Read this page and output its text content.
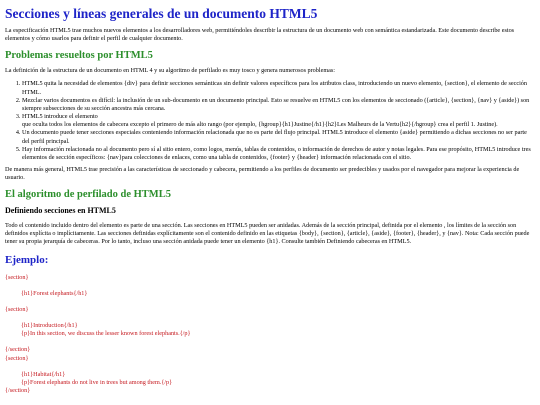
Secciones y líneas generales de un documento HTML5

La especificación HTML5 trae muchos nuevos elementos a los desarrolladores web, permitiéndoles describir la estructura de un documento web con semántica estandarizada. Este documento describe estos elementos y cómo usarlos para definir el perfil de cualquier documento.

Problemas resueltos por HTML5

La definición de la estructura de un documento en HTML 4 y su algoritmo de perfilado es muy tosco y genera numerosos problemas:

1. HTML5 quita la necesidad de elementos {div} para definir secciones semánticas sin definir valores específicos para los atributos class, introduciendo un nuevo elemento, {section}, el elemento de sección HTML.
2. Mezclar varios documentos es difícil: la inclusión de un sub-documento en un documento principal. Esto se resuelve en HTML5 con los elementos de seccionado ({article}, {section}, {nav} y {aside}) son siempre subsecciones de su sección ancestra más cercana.
3. HTML5 introduce el elemento
que oculta todos los elementos de cabecera excepto el primero de más alto rango (por ejemplo, {hgroup}{h1}Justine{/h1}{h2}Les Malheurs de la Vertu{h2}{/hgroup} crea el perfil 1. Justine).
4. Un documento puede tener secciones especiales conteniendo información relacionada que no es parte del flujo principal. HTML5 introduce el elemento {aside} permitiendo a dichas secciones no ser parte del perfil principal.
5. Hay información relacionada no al documento pero sí al sitio entero, como logos, menús, tablas de contenidos, o información de derechos de autor y notas legales. Para ese propósito, HTML5 introduce tres elementos de sección específicos: {nav}para colecciones de enlaces, como una tabla de contenidos, {footer} y {header} información relacionada con el sitio.

De manera más general, HTML5 trae precisión a las características de seccionado y cabecera, permitiendo a los perfiles de documento ser predecibles y usados por el navegador para mejorar la experiencia de usuario.

El algoritmo de perfilado de HTML5
Definiendo secciones en HTML5

Todo el contenido incluido dentro del elemento es parte de una sección. Las secciones en HTML5 pueden ser anidadas. Además de la sección principal, definida por el elemento , los límites de la sección son definidos explícita o implícitamente. Las secciones definidas explícitamente son el contenido definido en las etiquetas {body}, {section}, {article}, {aside}, {footer}, {header}, y {nav}. Nota: Cada sección puede tener su propia jerarquía de cabeceras. Por lo tanto, incluso una sección anidada puede tener un elemento {h1}. Consulte también Definiendo cabeceras en HTML5.

Ejemplo:
{section}
{h1}Forest elephants{/h1}
{section}
{h1}Introduction{/h1}
{p}In this section, we discuss the lesser known forest elephants.{/p}
{/section}
{section}
{h1}Habitat{/h1}
{p}Forest elephants do not live in trees but among them.{/p}
{/section}
